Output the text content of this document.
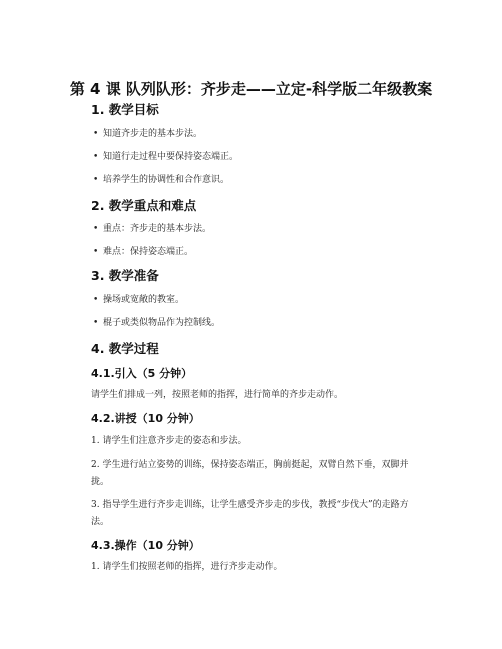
第 4 课 队列队形：齐步走——立定-科学版二年级教案
1. 教学目标
• 知道齐步走的基本步法。
• 知道行走过程中要保持姿态端正。
• 培养学生的协调性和合作意识。
2. 教学重点和难点
• 重点：齐步走的基本步法。
• 难点：保持姿态端正。
3. 教学准备
• 操场或宽敞的教室。
• 棍子或类似物品作为控制线。
4. 教学过程
4.1.引入（5 分钟）

请学生们排成一列，按照老师的指挥，进行简单的齐步走动作。

4.2.讲授（10 分钟）

1. 请学生们注意齐步走的姿态和步法。

2. 学生进行站立姿势的训练，保持姿态端正，胸前挺起，双臂自然下垂，双脚并拢。

3. 指导学生进行齐步走训练，让学生感受齐步走的步伐，教授“步伐大”的走路方法。

4.3.操作（10 分钟）

1. 请学生们按照老师的指挥，进行齐步走动作。
